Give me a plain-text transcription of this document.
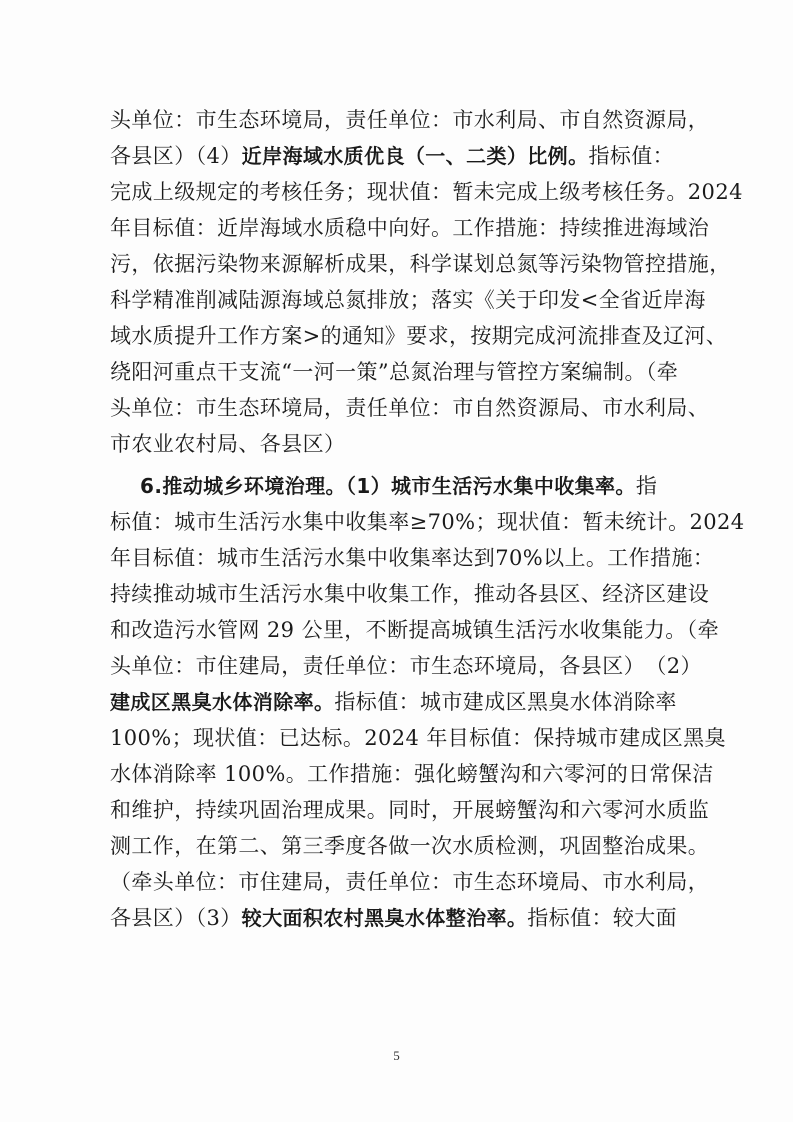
头单位：市生态环境局，责任单位：市水利局、市自然资源局，
各县区）（4）近岸海域水质优良（一、二类）比例。指标值：
完成上级规定的考核任务；现状值：暂未完成上级考核任务。2024
年目标值：近岸海域水质稳中向好。工作措施：持续推进海域治
污，依据污染物来源解析成果，科学谋划总氮等污染物管控措施，
科学精准削减陆源海域总氮排放；落实《关于印发<全省近岸海
域水质提升工作方案>的通知》要求，按期完成河流排查及辽河、
绕阳河重点干支流“一河一策”总氮治理与管控方案编制。（牵
头单位：市生态环境局，责任单位：市自然资源局、市水利局、
市农业农村局、各县区）
6.推动城乡环境治理。（1）城市生活污水集中收集率。指
标值：城市生活污水集中收集率≥70%；现状值：暂未统计。2024
年目标值：城市生活污水集中收集率达到70%以上。工作措施：
持续推动城市生活污水集中收集工作，推动各县区、经济区建设
和改造污水管网 29 公里，不断提高城镇生活污水收集能力。（牵
头单位：市住建局，责任单位：市生态环境局，各县区）　（2）
建成区黑臭水体消除率。指标值：城市建成区黑臭水体消除率
100%；现状值：已达标。2024 年目标值：保持城市建成区黑臭
水体消除率 100%。工作措施：强化螃蟹沟和六零河的日常保洁
和维护，持续巩固治理成果。同时，开展螃蟹沟和六零河水质监
测工作，在第二、第三季度各做一次水质检测，巩固整治成果。
（牵头单位：市住建局，责任单位：市生态环境局、市水利局，
各县区）（3）较大面积农村黑臭水体整治率。指标值：较大面
5
